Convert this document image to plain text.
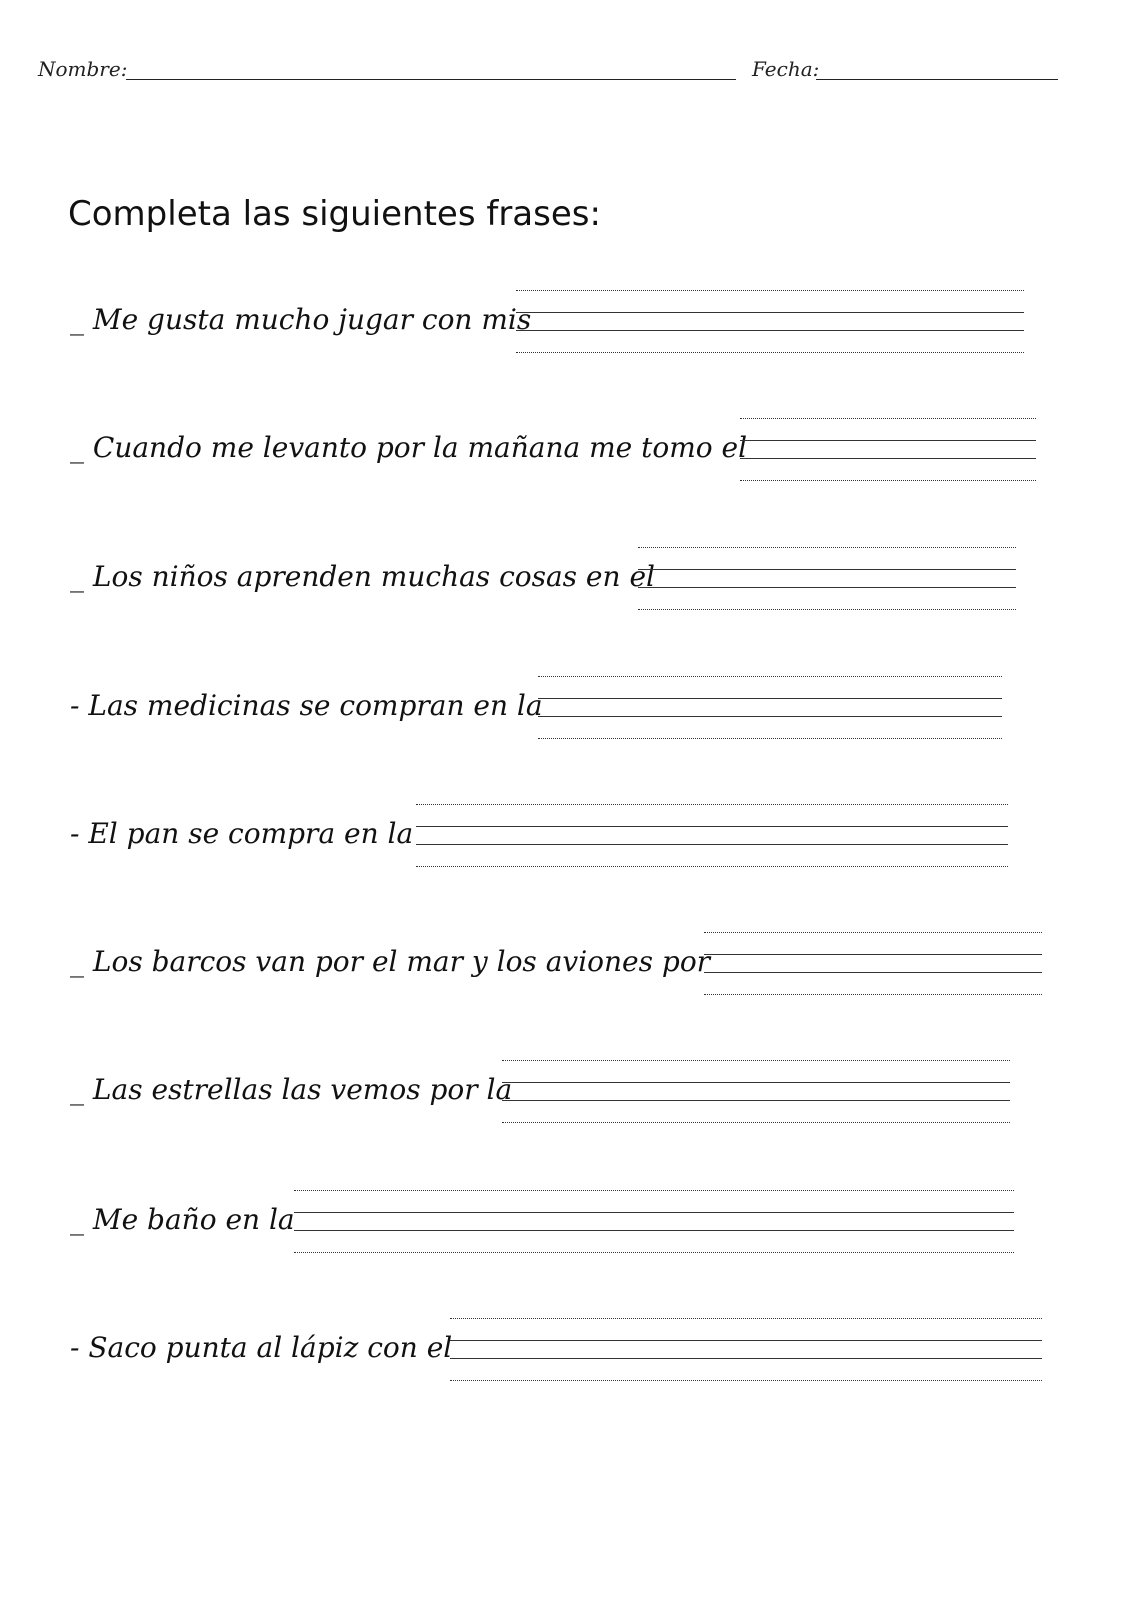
Nombre:	Fecha:
Completa las siguientes frases:
_ Me gusta mucho jugar con mis
_ Cuando me levanto por la mañana me tomo el
_ Los niños aprenden muchas cosas en el
- Las medicinas se compran en la
- El pan se compra en la
_ Los barcos van por el mar y los aviones por
_ Las estrellas las vemos por la
_ Me baño en la
- Saco punta al lápiz con el
